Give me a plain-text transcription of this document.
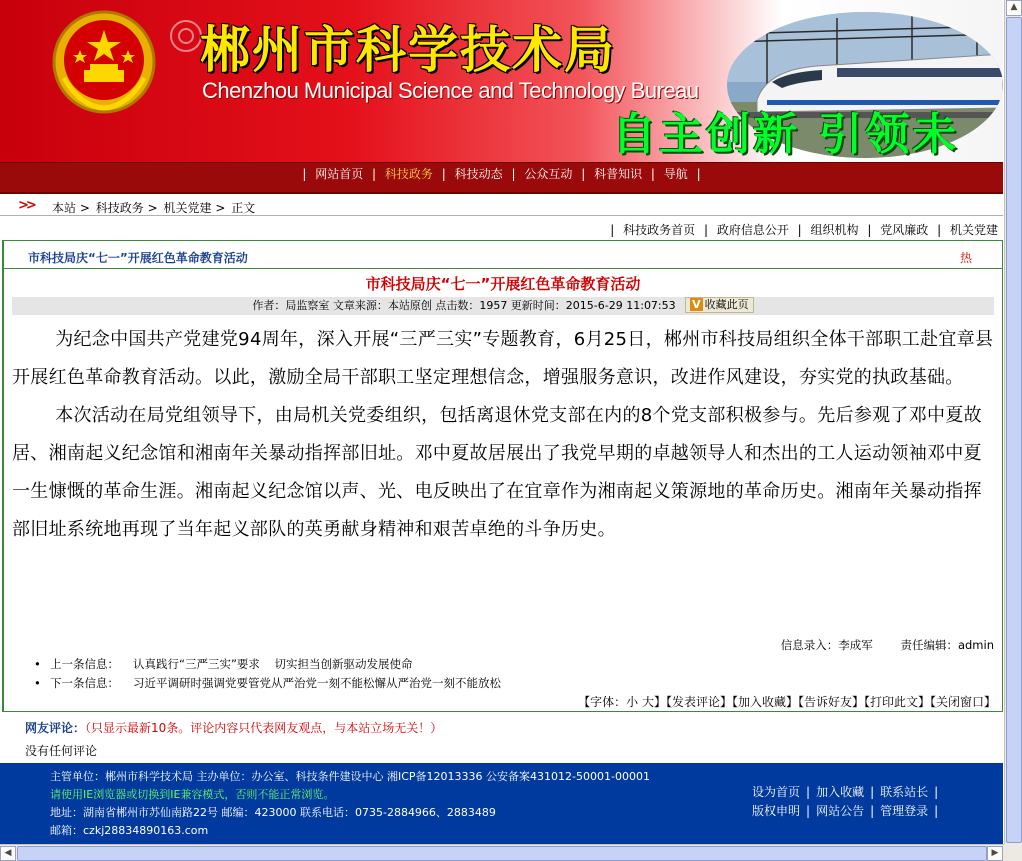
郴州市科学技术局
Chenzhou Municipal Science and Technology Bureau
自主创新 引领未
| 网站首页 | 科技政务 | 科技动态 | 公众互动 | 科普知识 | 导航 |
>> 本站 > 科技政务 > 机关党建 > 正文
| 科技政务首页 | 政府信息公开 | 组织机构 | 党风廉政 | 机关党建
市科技局庆“七一”开展红色革命教育活动	热
市科技局庆“七一”开展红色革命教育活动
作者：局监察室 文章来源：本站原创 点击数：1957 更新时间：2015-6-29 11:07:53 V 收藏此页

为纪念中国共产党建党94周年，深入开展“三严三实”专题教育，6月25日，郴州市科技局组织全体干部职工赴宜章县开展红色革命教育活动。以此，激励全局干部职工坚定理想信念，增强服务意识，改进作风建设，夯实党的执政基础。

本次活动在局党组领导下，由局机关党委组织，包括离退休党支部在内的8个党支部积极参与。先后参观了邓中夏故居、湘南起义纪念馆和湘南年关暴动指挥部旧址。邓中夏故居展出了我党早期的卓越领导人和杰出的工人运动领袖邓中夏一生慷慨的革命生涯。湘南起义纪念馆以声、光、电反映出了在宜章作为湘南起义策源地的革命历史。湘南年关暴动指挥部旧址系统地再现了当年起义部队的英勇献身精神和艰苦卓绝的斗争历史。

信息录入：李成军 责任编辑：admin
• 上一条信息： 认真践行“三严三实”要求 切实担当创新驱动发展使命
• 下一条信息： 习近平调研时强调党要管党从严治党一刻不能松懈从严治党一刻不能放松
【字体：小 大】【发表评论】【加入收藏】【告诉好友】【打印此文】【关闭窗口】
网友评论：（只显示最新10条。评论内容只代表网友观点，与本站立场无关！）
没有任何评论
主管单位：郴州市科学技术局 主办单位：办公室、科技条件建设中心 湘ICP备12013336 公安备案431012-50001-00001
请使用IE浏览器或切换到IE兼容模式，否则不能正常浏览。
地址：湖南省郴州市苏仙南路22号 邮编：423000 联系电话：0735-2884966、2883489
邮箱：czkj28834890163.com
设为首页 | 加入收藏 | 联系站长 |
版权申明 | 网站公告 | 管理登录 |
▲
◀	▶
